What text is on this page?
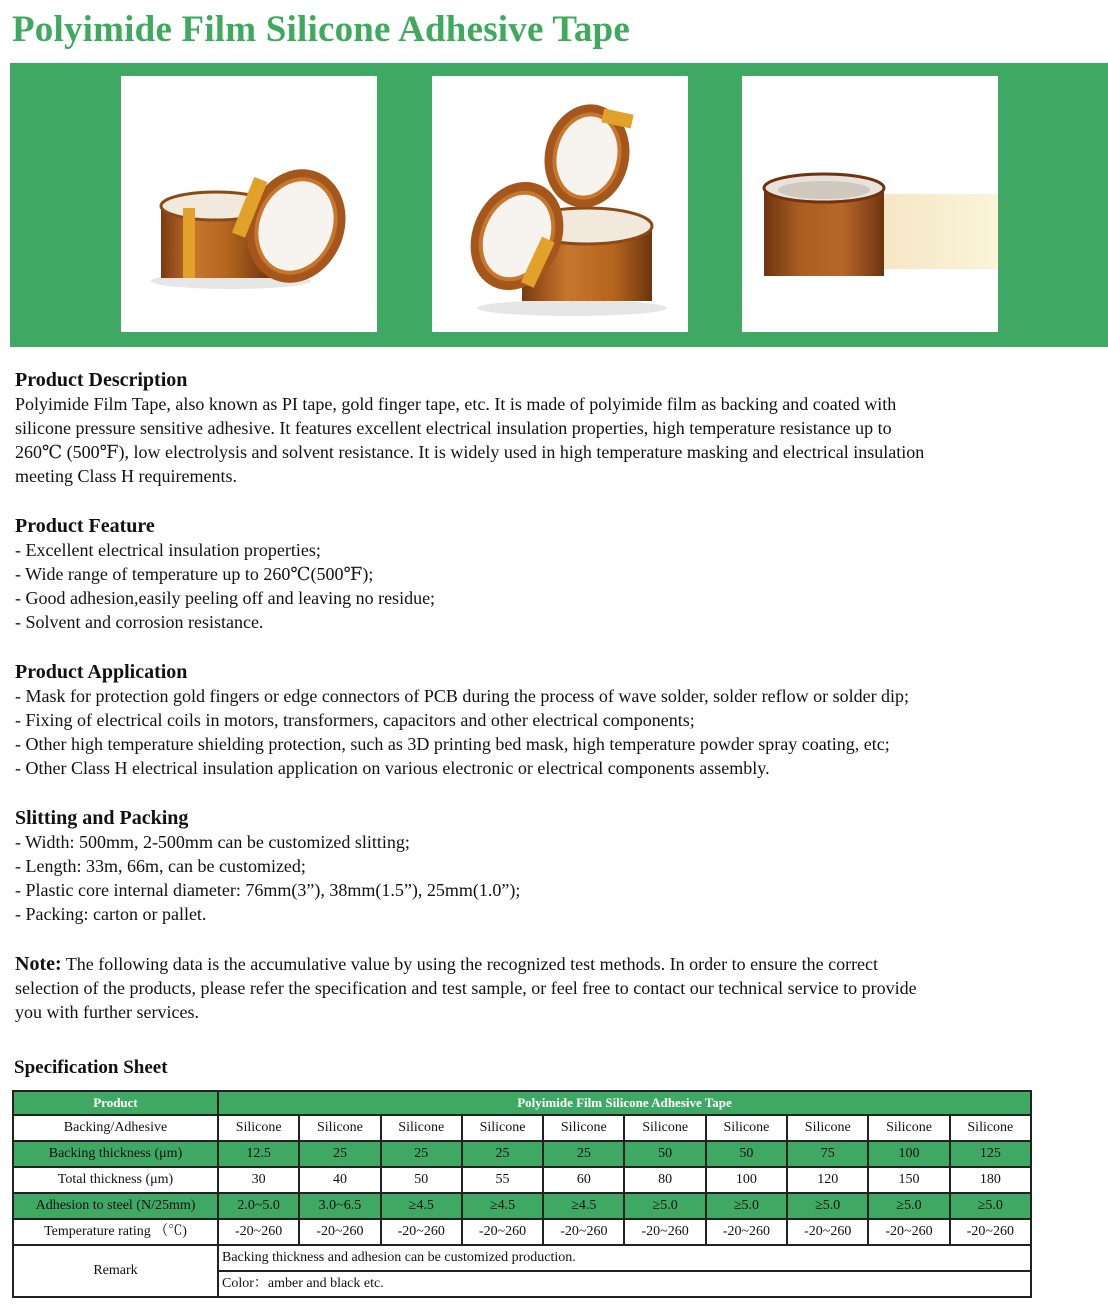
Polyimide Film Silicone Adhesive Tape
Product Description
Polyimide Film Tape, also known as PI tape, gold finger tape, etc. It is made of polyimide film as backing and coated with
silicone pressure sensitive adhesive. It features excellent electrical insulation properties, high temperature resistance up to
260℃ (500℉), low electrolysis and solvent resistance. It is widely used in high temperature masking and electrical insulation
meeting Class H requirements.
Product Feature
- Excellent electrical insulation properties;
- Wide range of temperature up to 260℃(500℉);
- Good adhesion,easily peeling off and leaving no residue;
- Solvent and corrosion resistance.
Product Application
- Mask for protection gold fingers or edge connectors of PCB during the process of wave solder, solder reflow or solder dip;
- Fixing of electrical coils in motors, transformers, capacitors and other electrical components;
- Other high temperature shielding protection, such as 3D printing bed mask, high temperature powder spray coating, etc;
- Other Class H electrical insulation application on various electronic or electrical components assembly.
Slitting and Packing
- Width: 500mm, 2-500mm can be customized slitting;
- Length: 33m, 66m, can be customized;
- Plastic core internal diameter: 76mm(3”), 38mm(1.5”), 25mm(1.0”);
- Packing: carton or pallet.
Note: The following data is the accumulative value by using the recognized test methods. In order to ensure the correct
selection of the products, please refer the specification and test sample, or feel free to contact our technical service to provide
you with further services.
Specification Sheet
Product	Polyimide Film Silicone Adhesive Tape									
Backing/Adhesive	Silicone	Silicone	Silicone	Silicone	Silicone	Silicone	Silicone	Silicone	Silicone	Silicone
Backing thickness (μm)	12.5	25	25	25	25	50	50	75	100	125
Total thickness (μm)	30	40	50	55	60	80	100	120	150	180
Adhesion to steel (N/25mm)	2.0~5.0	3.0~6.5	≥4.5	≥4.5	≥4.5	≥5.0	≥5.0	≥5.0	≥5.0	≥5.0
Temperature rating （℃)	-20~260	-20~260	-20~260	-20~260	-20~260	-20~260	-20~260	-20~260	-20~260	-20~260
Remark	Backing thickness and adhesion can be customized production.									
	Color：amber and black etc.									
